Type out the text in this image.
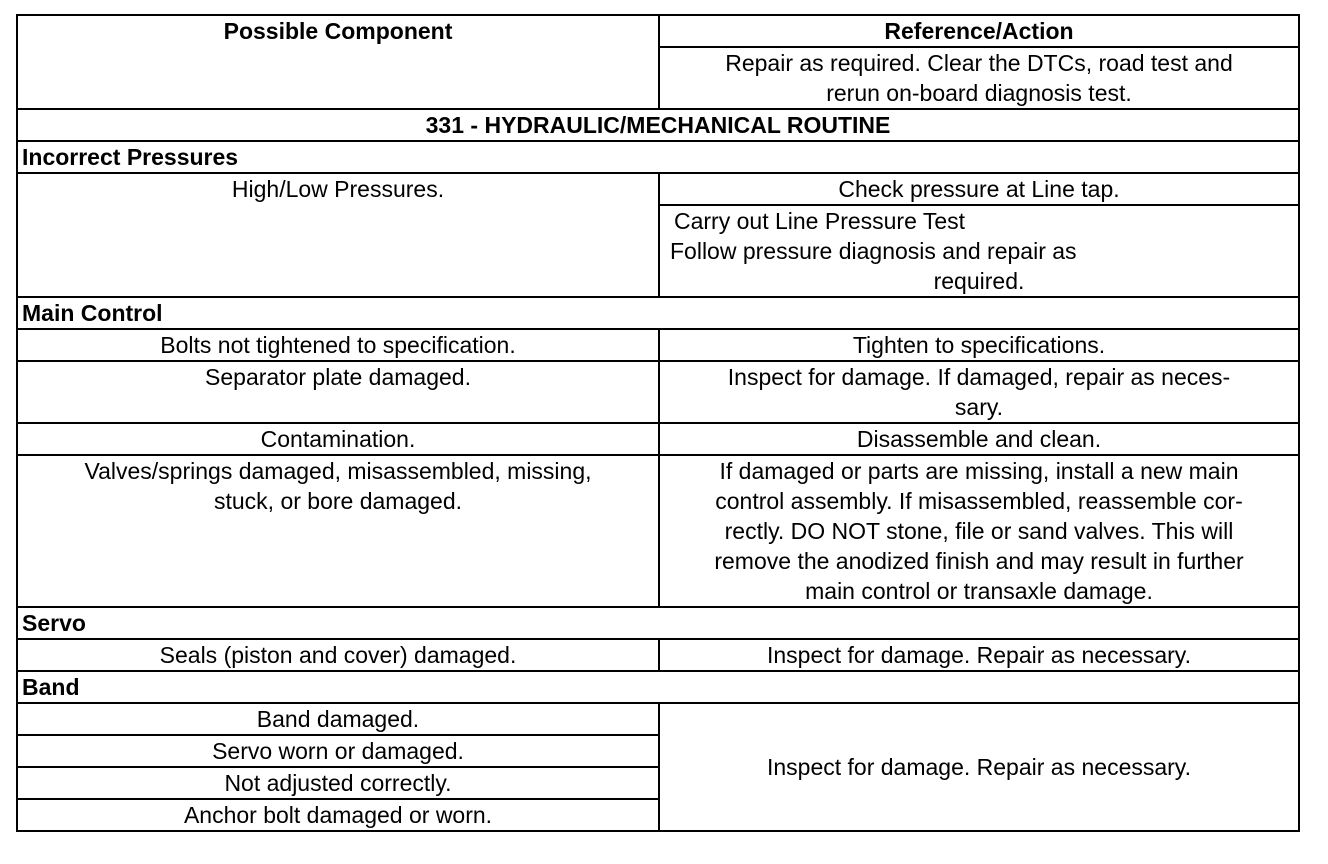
Possible Component	Reference/Action

	Repair as required. Clear the DTCs, road test and
rerun on-board diagnosis test.

331 - HYDRAULIC/MECHANICAL ROUTINE	
Incorrect Pressures	
High/Low Pressures.	Check pressure at Line tap.

	Carry out Line Pressure Test
Follow pressure diagnosis and repair as
required.

Main Control	
Bolts not tightened to specification.	Tighten to specifications.
Separator plate damaged.	Inspect for damage. If damaged, repair as neces-
sary.

Contamination.	Disassemble and clean.

Valves/springs damaged, misassembled, missing,
stuck, or bore damaged.	If damaged or parts are missing, install a new main
control assembly. If misassembled, reassemble cor-
rectly. DO NOT stone, file or sand valves. This will
remove the anodized finish and may result in further
main control or transaxle damage.

Servo	
Seals (piston and cover) damaged.	Inspect for damage. Repair as necessary.
Band	
Band damaged.	Inspect for damage. Repair as necessary.
Servo worn or damaged.	
Not adjusted correctly.	
Anchor bolt damaged or worn.	
